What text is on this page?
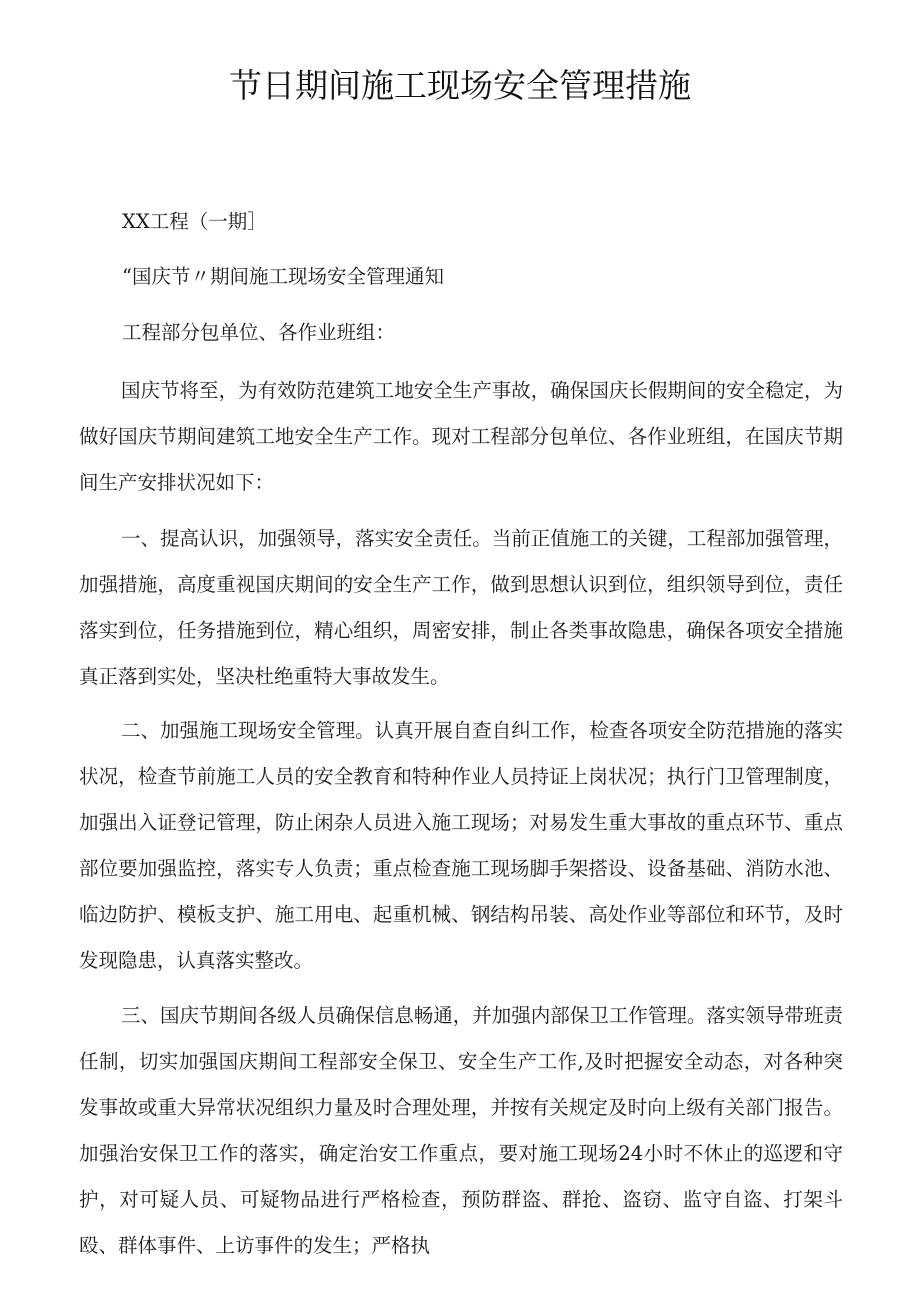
节日期间施工现场安全管理措施
XX工程（一期］
“国庆节〃期间施工现场安全管理通知
工程部分包单位、各作业班组：

国庆节将至，为有效防范建筑工地安全生产事故，确保国庆长假期间的安全稳定，为做好国庆节期间建筑工地安全生产工作。现对工程部分包单位、各作业班组，在国庆节期间生产安排状况如下：

一、提高认识，加强领导，落实安全责任。当前正值施工的关键，工程部加强管理，加强措施，高度重视国庆期间的安全生产工作，做到思想认识到位，组织领导到位，责任落实到位，任务措施到位，精心组织，周密安排，制止各类事故隐患，确保各项安全措施真正落到实处，坚决杜绝重特大事故发生。

二、加强施工现场安全管理。认真开展自查自纠工作，检查各项安全防范措施的落实状况，检查节前施工人员的安全教育和特种作业人员持证上岗状况；执行门卫管理制度，加强出入证登记管理，防止闲杂人员进入施工现场；对易发生重大事故的重点环节、重点部位要加强监控，落实专人负责；重点检查施工现场脚手架搭设、设备基础、消防水池、临边防护、模板支护、施工用电、起重机械、钢结构吊装、高处作业等部位和环节，及时发现隐患，认真落实整改。

三、国庆节期间各级人员确保信息畅通，并加强内部保卫工作管理。落实领导带班责任制，切实加强国庆期间工程部安全保卫、安全生产工作,及时把握安全动态，对各种突发事故或重大异常状况组织力量及时合理处理，并按有关规定及时向上级有关部门报告。加强治安保卫工作的落实，确定治安工作重点，要对施工现场24小时不休止的巡逻和守护，对可疑人员、可疑物品进行严格检查，预防群盗、群抢、盗窃、监守自盗、打架斗殴、群体事件、上访事件的发生；严格执
